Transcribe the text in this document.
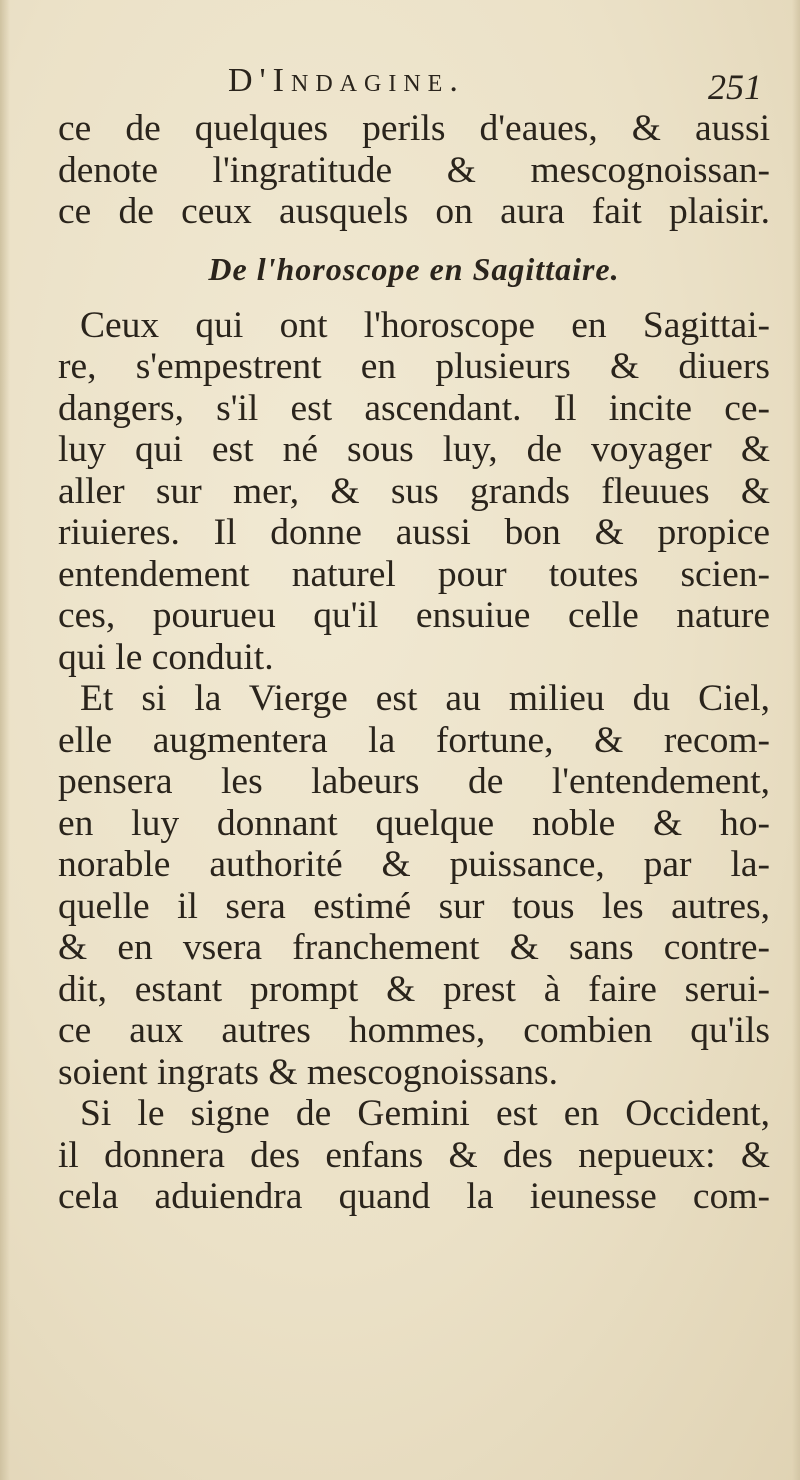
D'Indagine.	251
ce de quelques perils d'eaues, & aussi
denote l'ingratitude & mescognoissan-
ce de ceux ausquels on aura fait plaisir.
De l'horoscope en Sagittaire.
Ceux qui ont l'horoscope en Sagittai-
re, s'empestrent en plusieurs & diuers
dangers, s'il est ascendant. Il incite ce-
luy qui est né sous luy, de voyager &
aller sur mer, & sus grands fleuues &
riuieres. Il donne aussi bon & propice
entendement naturel pour toutes scien-
ces, pourueu qu'il ensuiue celle nature
qui le conduit.
Et si la Vierge est au milieu du Ciel,
elle augmentera la fortune, & recom-
pensera les labeurs de l'entendement,
en luy donnant quelque noble & ho-
norable authorité & puissance, par la-
quelle il sera estimé sur tous les autres,
& en vsera franchement & sans contre-
dit, estant prompt & prest à faire serui-
ce aux autres hommes, combien qu'ils
soient ingrats & mescognoissans.
Si le signe de Gemini est en Occident,
il donnera des enfans & des nepueux: &
cela aduiendra quand la ieunesse com-
